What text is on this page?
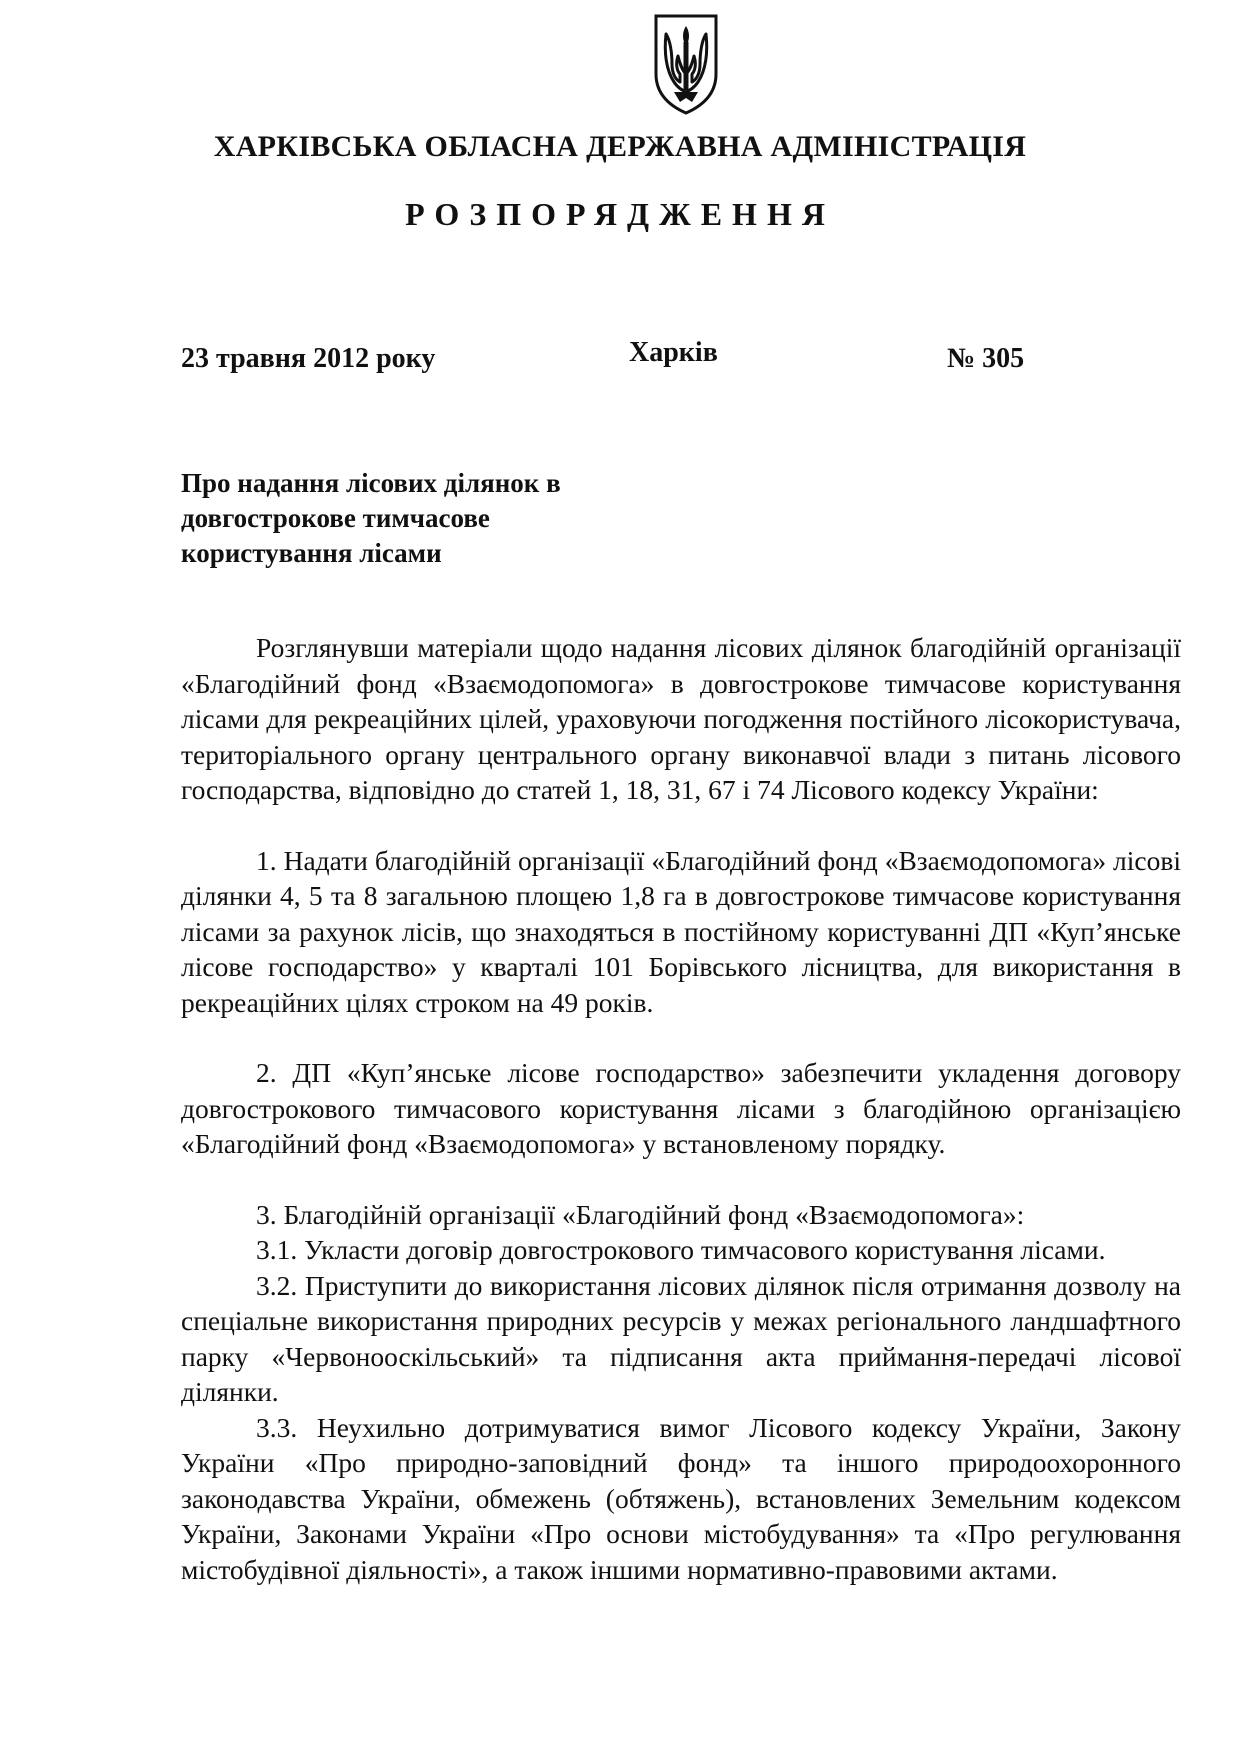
ХАРКІВСЬКА ОБЛАСНА ДЕРЖАВНА АДМІНІСТРАЦІЯ
РОЗПОРЯДЖЕННЯ
23 травня 2012 року	Харків	№ 305
Про надання лісових ділянок в
довгострокове тимчасове
користування лісами

Розглянувши матеріали щодо надання лісових ділянок благодійній організації «Благодійний фонд «Взаємодопомога» в довгострокове тимчасове користування лісами для рекреаційних цілей, ураховуючи погодження постійного лісокористувача, територіального органу центрального органу виконавчої влади з питань лісового господарства, відповідно до статей 1, 18, 31, 67 і 74 Лісового кодексу України:

1. Надати благодійній організації «Благодійний фонд «Взаємодопомога» лісові ділянки 4, 5 та 8 загальною площею 1,8 га в довгострокове тимчасове користування лісами за рахунок лісів, що знаходяться в постійному користуванні ДП «Куп’янське лісове господарство» у кварталі 101 Борівського лісництва, для використання в рекреаційних цілях строком на 49 років.

2. ДП «Куп’янське лісове господарство» забезпечити укладення договору довгострокового тимчасового користування лісами з благодійною організацією «Благодійний фонд «Взаємодопомога» у встановленому порядку.

3. Благодійній організації «Благодійний фонд «Взаємодопомога»:

3.1. Укласти договір довгострокового тимчасового користування лісами.

3.2. Приступити до використання лісових ділянок після отримання дозволу на спеціальне використання природних ресурсів у межах регіонального ландшафтного парку «Червонооскільський» та підписання акта приймання-передачі лісової ділянки.

3.3. Неухильно дотримуватися вимог Лісового кодексу України, Закону України «Про природно-заповідний фонд» та іншого природоохоронного законодавства України, обмежень (обтяжень), встановлених Земельним кодексом України, Законами України «Про основи містобудування» та «Про регулювання містобудівної діяльності», а також іншими нормативно-правовими актами.
